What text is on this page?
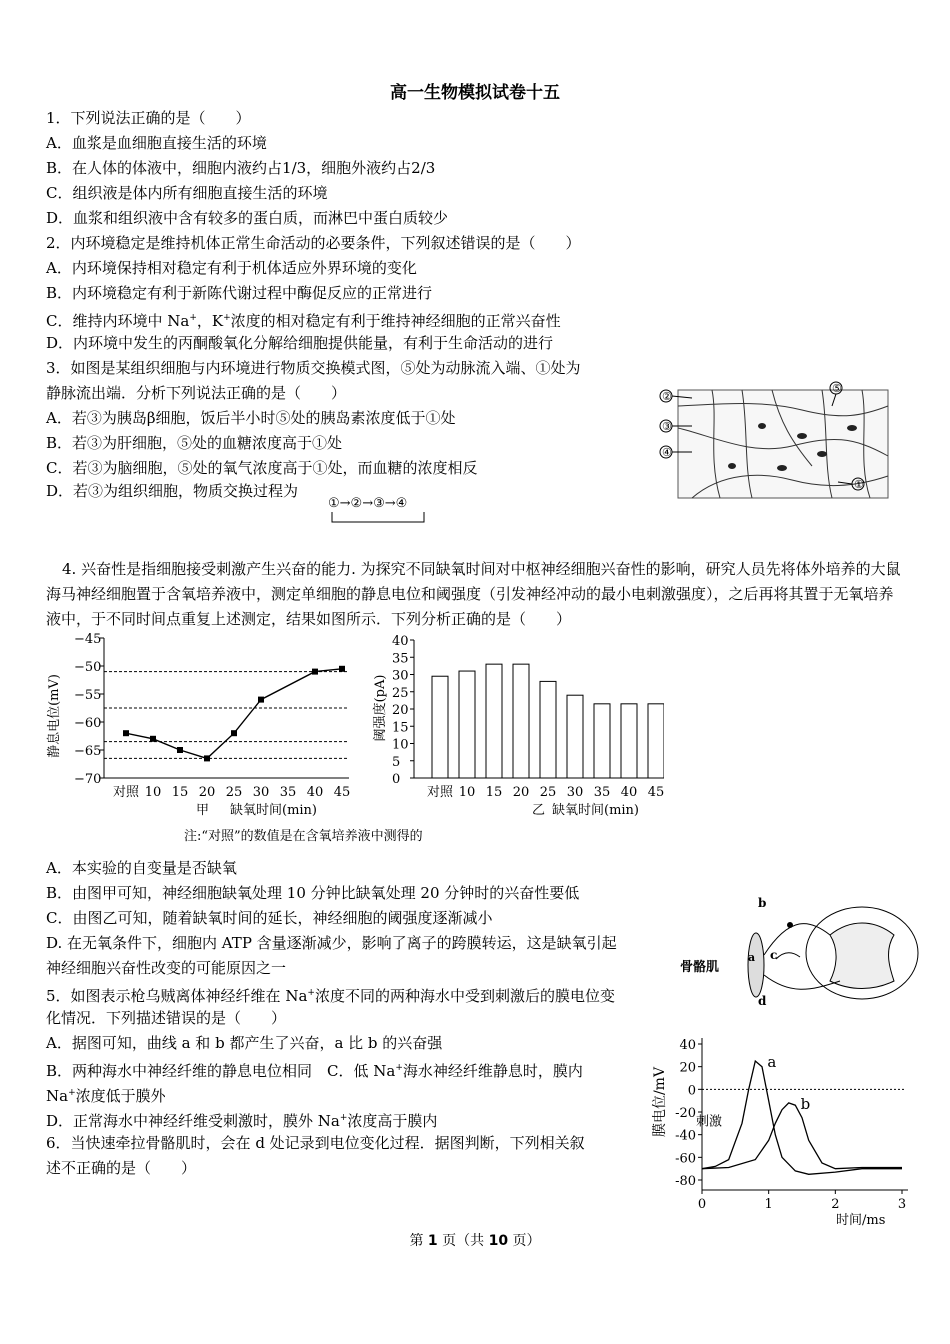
高一生物模拟试卷十五
1．下列说法正确的是（　　）
A．血浆是血细胞直接生活的环境
B．在人体的体液中，细胞内液约占1/3，细胞外液约占2/3
C．组织液是体内所有细胞直接生活的环境
D．血浆和组织液中含有较多的蛋白质，而淋巴中蛋白质较少
2．内环境稳定是维持机体正常生命活动的必要条件，下列叙述错误的是（　　）
A．内环境保持相对稳定有利于机体适应外界环境的变化
B．内环境稳定有利于新陈代谢过程中酶促反应的正常进行
C．维持内环境中 Na+，K+浓度的相对稳定有利于维持神经细胞的正常兴奋性
D．内环境中发生的丙酮酸氧化分解给细胞提供能量，有利于生命活动的进行
3．如图是某组织细胞与内环境进行物质交换模式图，⑤处为动脉流入端、①处为
静脉流出端．分析下列说法正确的是（　　）
A．若③为胰岛β细胞，饭后半小时⑤处的胰岛素浓度低于①处
B．若③为肝细胞，⑤处的血糖浓度高于①处
C．若③为脑细胞，⑤处的氧气浓度高于①处，而血糖的浓度相反
D．若③为组织细胞，物质交换过程为
①→②→③→④
②
③
④
⑤
①
4. 兴奋性是指细胞接受刺激产生兴奋的能力. 为探究不同缺氧时间对中枢神经细胞兴奋性的影响，研究人员先将体外培养的大鼠海马神经细胞置于含氧培养液中，测定单细胞的静息电位和阈强度（引发神经冲动的最小电刺激强度），之后再将其置于无氧培养液中，于不同时间点重复上述测定，结果如图所示．下列分析正确的是（　　）
−45
−50
−55
−60
−65
−70
对照 10 15 20 25 30 35 40 45
静息电位(mV)
甲 缺氧时间(min)
40
35
30
25
20
15
10
5
0
对照 10 15 20 25 30 35 40 45
阈强度(pA)
乙 缺氧时间(min)
注:“对照”的数值是在含氧培养液中测得的
A．本实验的自变量是否缺氧
B．由图甲可知，神经细胞缺氧处理 10 分钟比缺氧处理 20 分钟时的兴奋性要低
C．由图乙可知，随着缺氧时间的延长，神经细胞的阈强度逐渐减小
D. 在无氧条件下，细胞内 ATP 含量逐渐减少，影响了离子的跨膜转运，这是缺氧引起
神经细胞兴奋性改变的可能原因之一
5．如图表示枪乌贼离体神经纤维在 Na+浓度不同的两种海水中受到刺激后的膜电位变
化情况．下列描述错误的是（　　）
A．据图可知，曲线 a 和 b 都产生了兴奋，a 比 b 的兴奋强
B．两种海水中神经纤维的静息电位相同　C．低 Na+海水神经纤维静息时，膜内
Na+浓度低于膜外
D．正常海水中神经纤维受刺激时，膜外 Na+浓度高于膜内
6．当快速牵拉骨骼肌时，会在 d 处记录到电位变化过程．据图判断，下列相关叙
述不正确的是（　　）
骨骼肌
b
a c
d
40
20
0
-20
-40
-60
-80
0	1	2	3
a
b
刺激
膜电位/mV
时间/ms
第 1 页（共 10 页）
